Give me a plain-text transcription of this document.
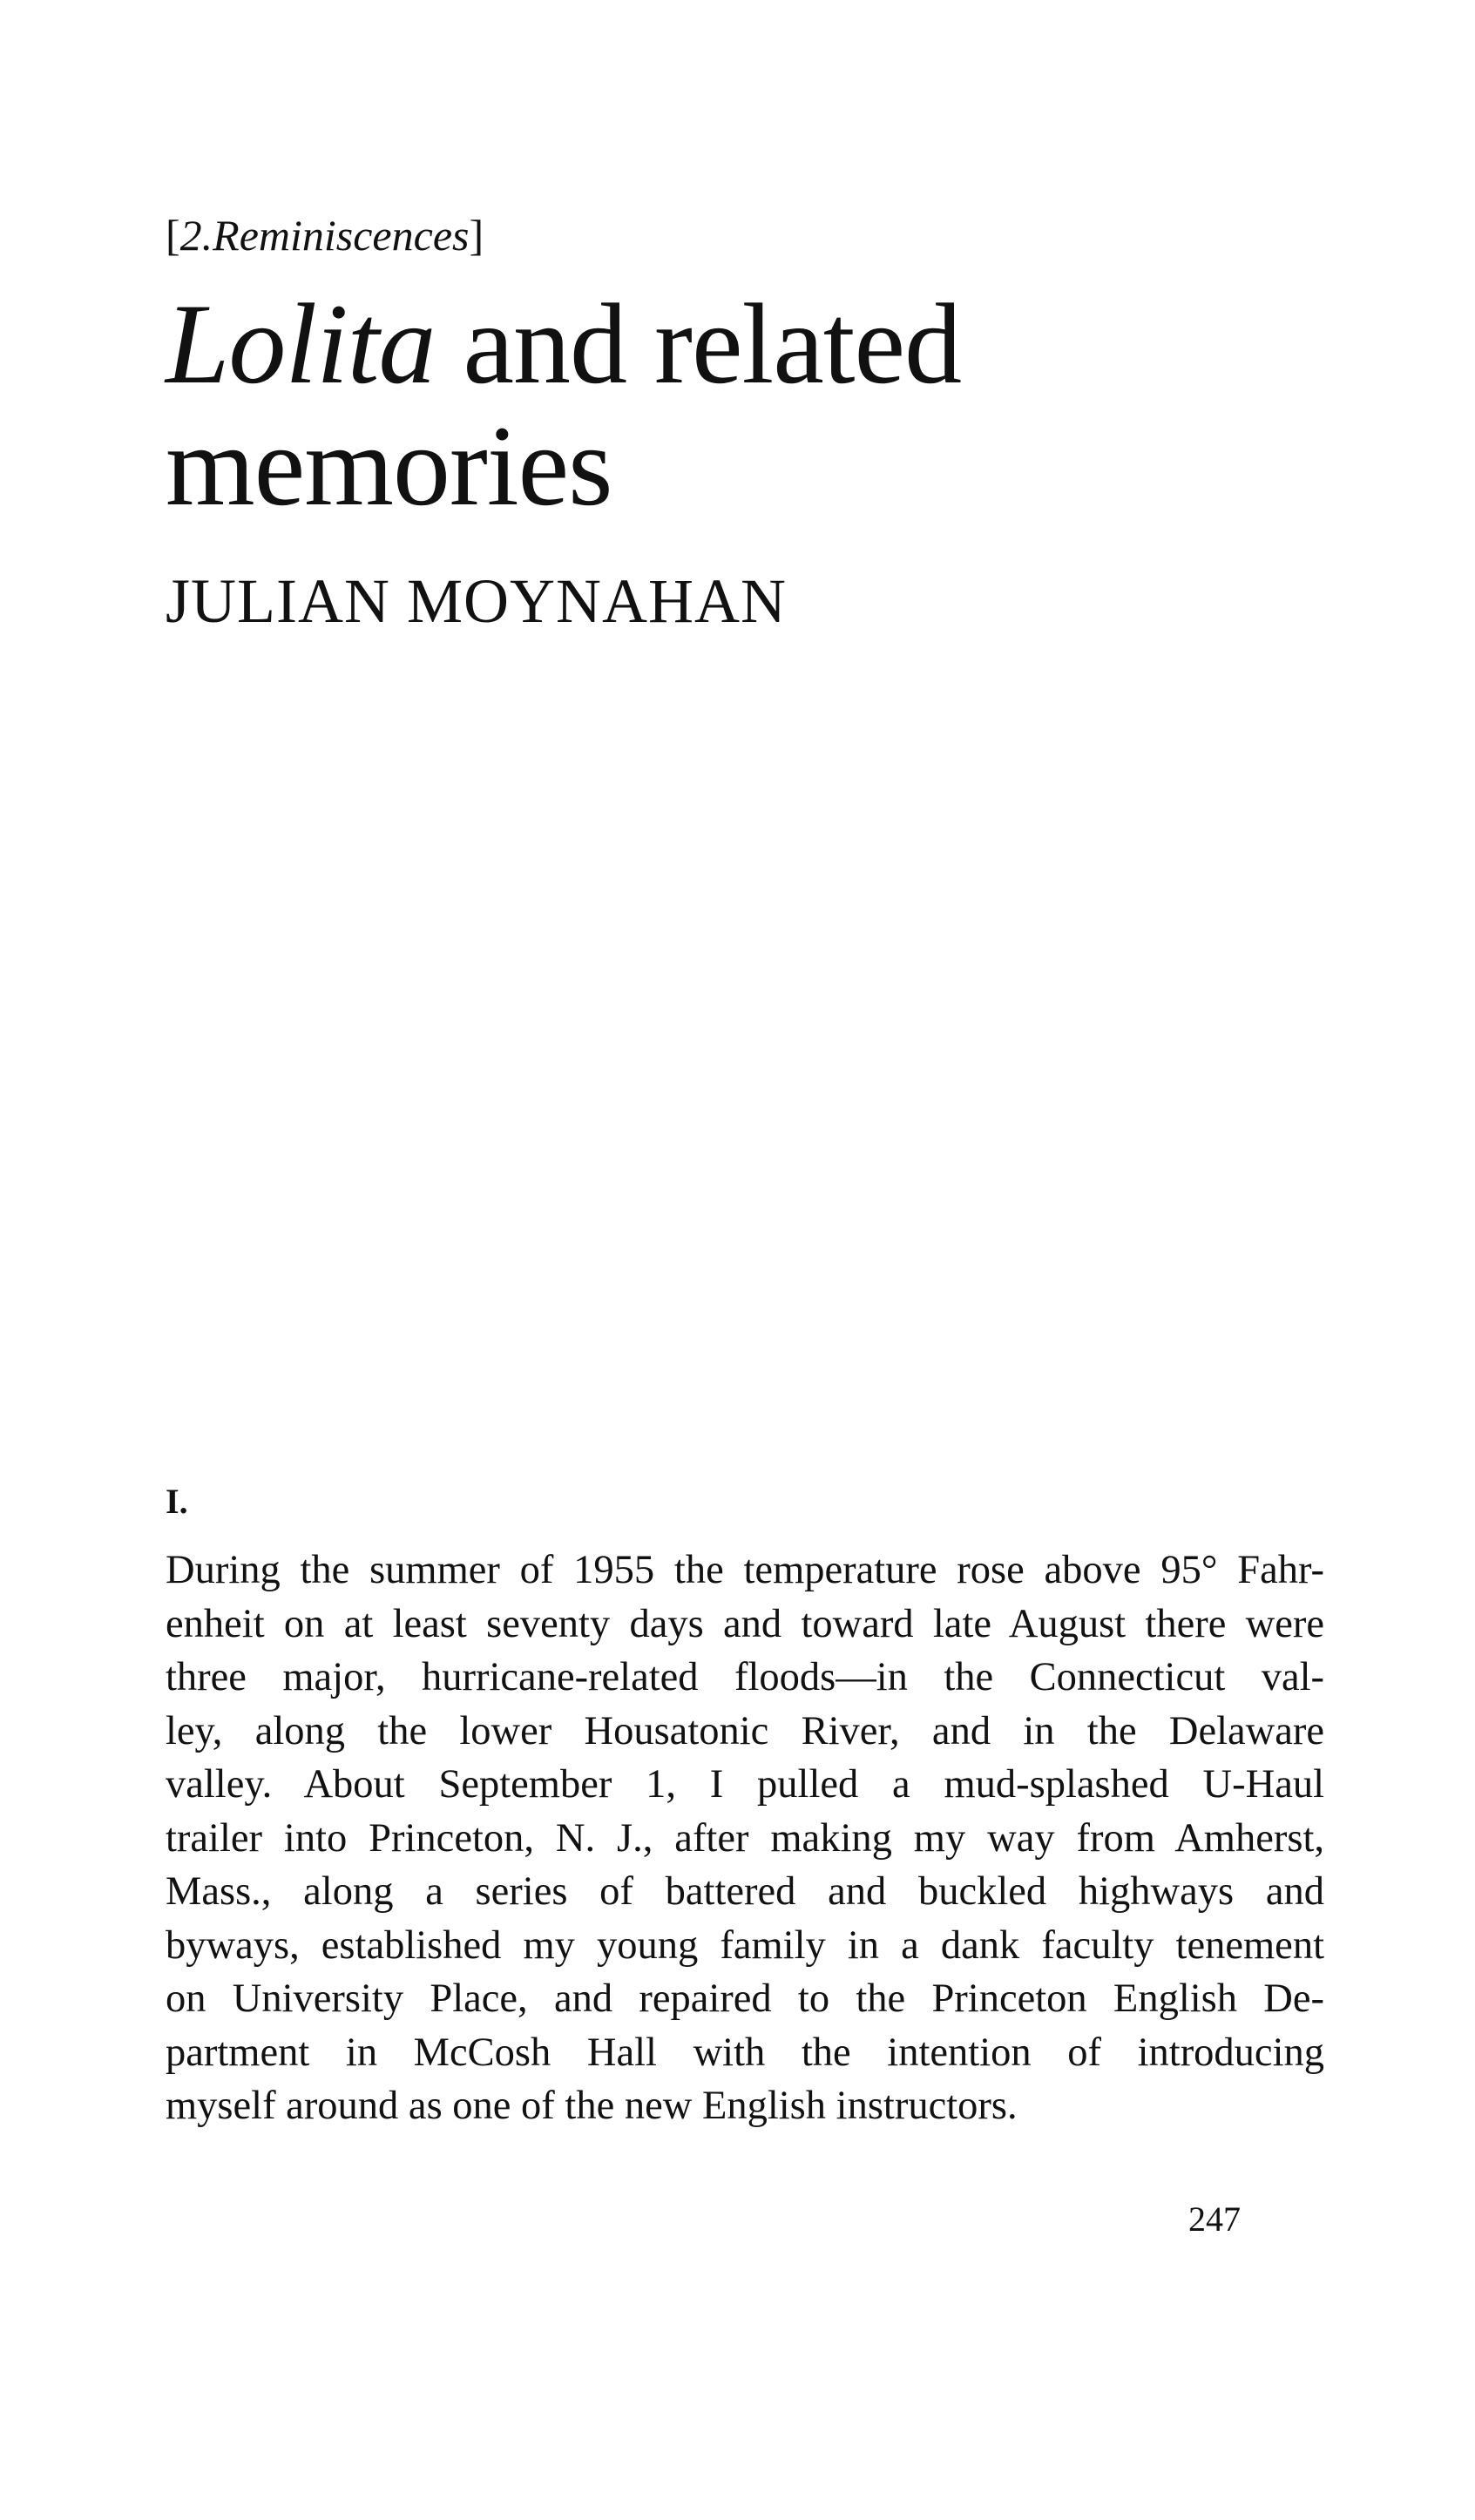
[2.Reminiscences]
Lolita and related
memories
JULIAN MOYNAHAN
I.
During the summer of 1955 the temperature rose above 95° Fahr-
enheit on at least seventy days and toward late August there were
three major, hurricane-related floods—in the Connecticut val-
ley, along the lower Housatonic River, and in the Delaware
valley. About September 1, I pulled a mud-splashed U-Haul
trailer into Princeton, N. J., after making my way from Amherst,
Mass., along a series of battered and buckled highways and
byways, established my young family in a dank faculty tenement
on University Place, and repaired to the Princeton English De-
partment in McCosh Hall with the intention of introducing
myself around as one of the new English instructors.
247
